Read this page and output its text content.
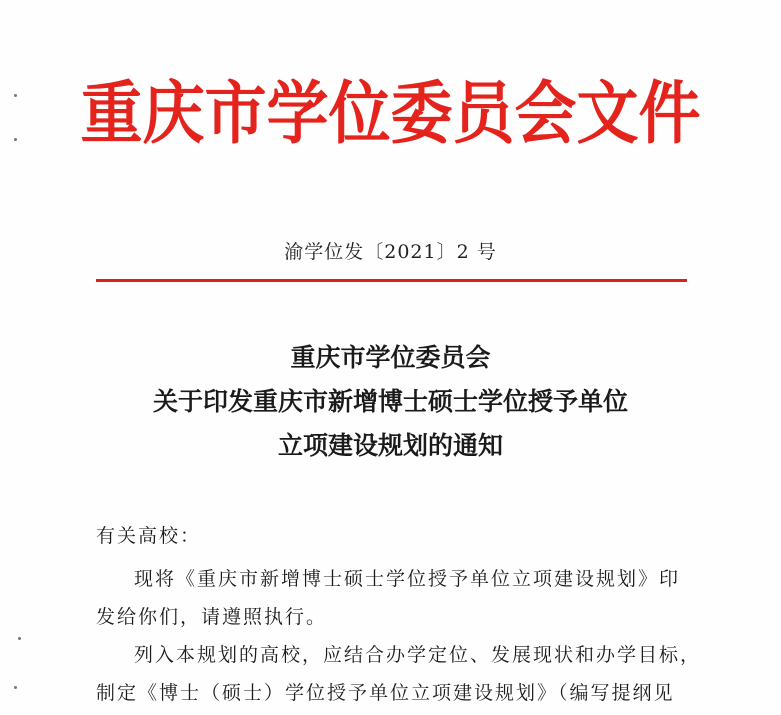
重庆市学位委员会文件
渝学位发〔2021〕2 号
重庆市学位委员会
关于印发重庆市新增博士硕士学位授予单位
立项建设规划的通知
有关高校：
现将《重庆市新增博士硕士学位授予单位立项建设规划》印
发给你们，请遵照执行。
列入本规划的高校，应结合办学定位、发展现状和办学目标，
制定《博士（硕士）学位授予单位立项建设规划》（编写提纲见
